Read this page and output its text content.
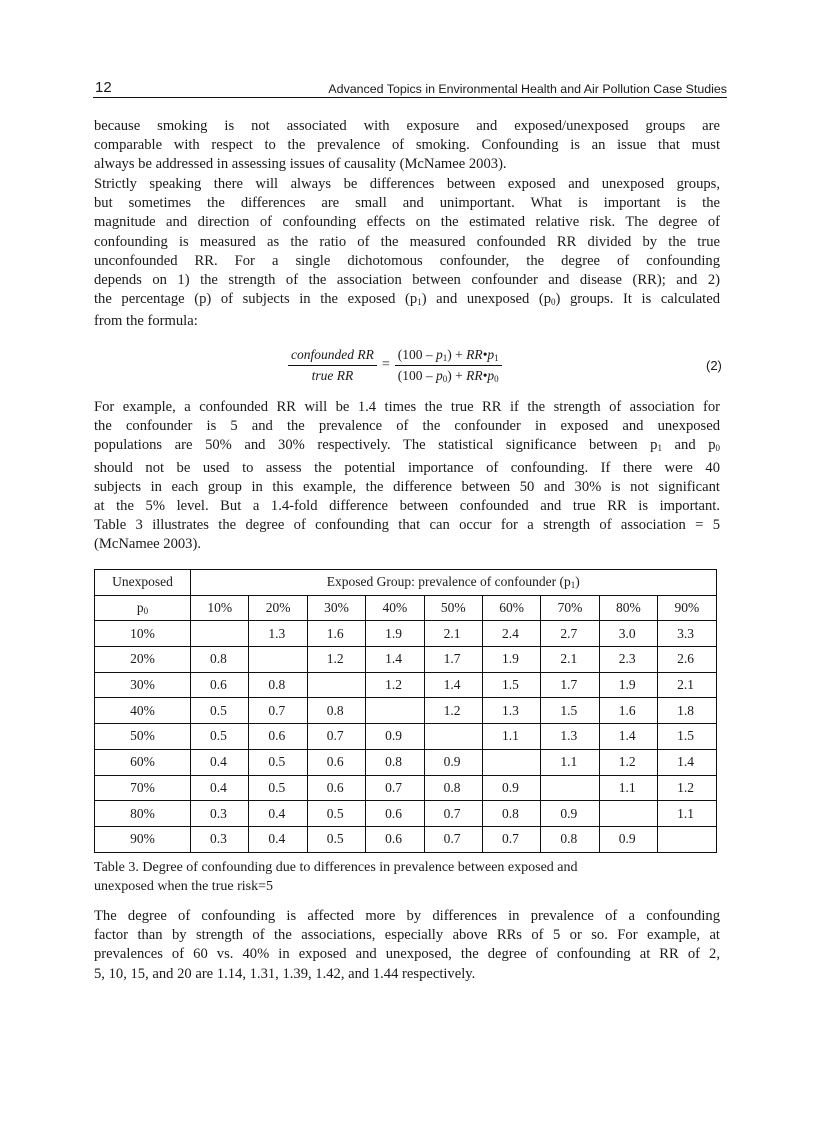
12	Advanced Topics in Environmental Health and Air Pollution Case Studies
because smoking is not associated with exposure and exposed/unexposed groups are
comparable with respect to the prevalence of smoking. Confounding is an issue that must
always be addressed in assessing issues of causality (McNamee 2003).
Strictly speaking there will always be differences between exposed and unexposed groups,
but sometimes the differences are small and unimportant. What is important is the
magnitude and direction of confounding effects on the estimated relative risk. The degree of
confounding is measured as the ratio of the measured confounded RR divided by the true
unconfounded RR. For a single dichotomous confounder, the degree of confounding
depends on 1) the strength of the association between confounder and disease (RR); and 2)
the percentage (p) of subjects in the exposed $(p_1)$ and unexposed $(p_0)$ groups. It is calculated
from the formula:
$\frac{\text{confounded RR}}{\text{true RR}} = \frac{(100 - p_1) + RR•p_1}{(100 - p_0) + RR•p_0}$	(2)
For example, a confounded RR will be 1.4 times the true RR if the strength of association for
the confounder is 5 and the prevalence of the confounder in exposed and unexposed
populations are 50% and 30% respectively. The statistical significance between $p_1$ and $p_0$
should not be used to assess the potential importance of confounding. If there were 40
subjects in each group in this example, the difference between 50 and 30% is not significant
at the 5% level. But a 1.4-fold difference between confounded and true RR is important.
Table 3 illustrates the degree of confounding that can occur for a strength of association = 5
(McNamee 2003).
Unexposed	Exposed Group: prevalence of confounder $(p_1)$								
$p_0$	10%	20%	30%	40%	50%	60%	70%	80%	90%
10%		1.3	1.6	1.9	2.1	2.4	2.7	3.0	3.3
20%	0.8		1.2	1.4	1.7	1.9	2.1	2.3	2.6
30%	0.6	0.8		1.2	1.4	1.5	1.7	1.9	2.1
40%	0.5	0.7	0.8		1.2	1.3	1.5	1.6	1.8
50%	0.5	0.6	0.7	0.9		1.1	1.3	1.4	1.5
60%	0.4	0.5	0.6	0.8	0.9		1.1	1.2	1.4
70%	0.4	0.5	0.6	0.7	0.8	0.9		1.1	1.2
80%	0.3	0.4	0.5	0.6	0.7	0.8	0.9		1.1
90%	0.3	0.4	0.5	0.6	0.7	0.7	0.8	0.9	
Table 3. Degree of confounding due to differences in prevalence between exposed and
unexposed when the true risk=5
The degree of confounding is affected more by differences in prevalence of a confounding
factor than by strength of the associations, especially above RRs of 5 or so. For example, at
prevalences of 60 vs. 40% in exposed and unexposed, the degree of confounding at RR of 2,
5, 10, 15, and 20 are 1.14, 1.31, 1.39, 1.42, and 1.44 respectively.
